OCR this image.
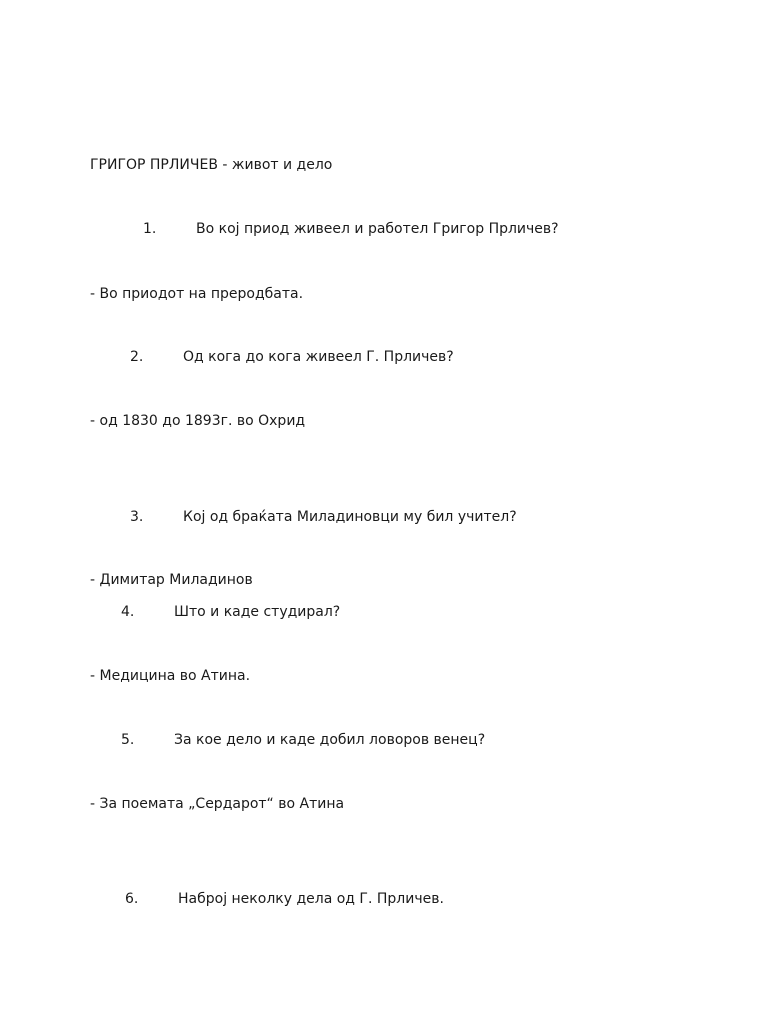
ГРИГОР ПРЛИЧЕВ - живот и дело
1.	Во кој приод живеел и работел Григор Прличев?
- Во приодот на преродбата.
2.	Од кога до кога живеел Г. Прличев?
- од 1830 до 1893г. во Охрид
3.	Кој од браќата Миладиновци му бил учител?
- Димитар Миладинов
4.	Што и каде студирал?
- Медицина во Атина.
5.	За кое дело и каде добил ловоров венец?
- За поемата „Сердарот“ во Атина
6.	Наброј неколку дела од Г. Прличев.
